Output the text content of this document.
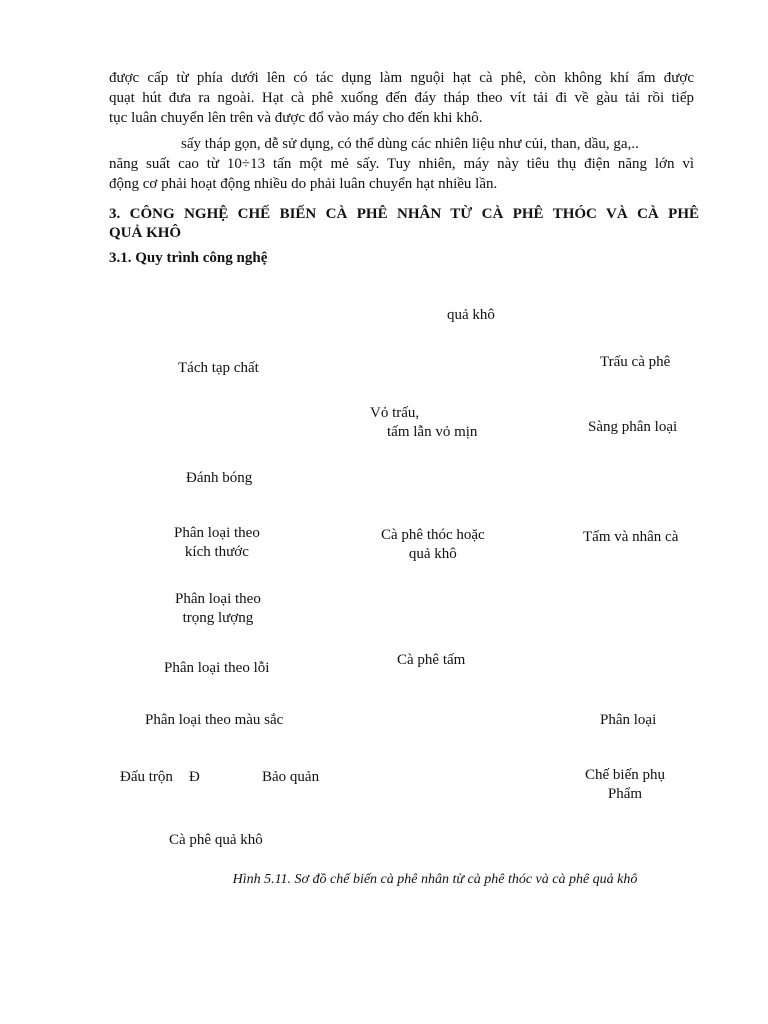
được cấp từ phía dưới lên có tác dụng làm nguội hạt cà phê, còn không khí ẩm được
quạt hút đưa ra ngoài. Hạt cà phê xuống đến đáy tháp theo vít tải đi về gàu tải rồi tiếp
tục luân chuyển lên trên và được đổ vào máy cho đến khi khô.

sấy tháp gọn, dễ sử dụng, có thể dùng các nhiên liệu như củi, than, dầu, ga,..
năng suất cao từ 10÷13 tấn một mẻ sấy. Tuy nhiên, máy này tiêu thụ điện năng lớn vì
động cơ phải hoạt động nhiều do phải luân chuyển hạt nhiều lần.

3. CÔNG NGHỆ CHẾ BIẾN CÀ PHÊ NHÂN TỪ CÀ PHÊ THÓC VÀ CÀ PHÊ
QUẢ KHÔ
3.1. Quy trình công nghệ
quả khô
Trấu cà phê
Tách tạp chất
Vỏ trấu,
tấm lẫn vỏ mịn	Sàng phân loại
Đánh bóng
Phân loại theo
kích thước
Cà phê thóc hoặc
quả khô
Tấm và nhân cà
Phân loại theo
trọng lượng
Cà phê tấm
Phân loại theo lỗi
Phân loại theo màu sắc	Phân loại
Đấu trộn Đ	Bảo quản	Chế biến phụ
Phẩm
Cà phê quả khô
Hình 5.11. Sơ đồ chế biến cà phê nhân từ cà phê thóc và cà phê quả khô
